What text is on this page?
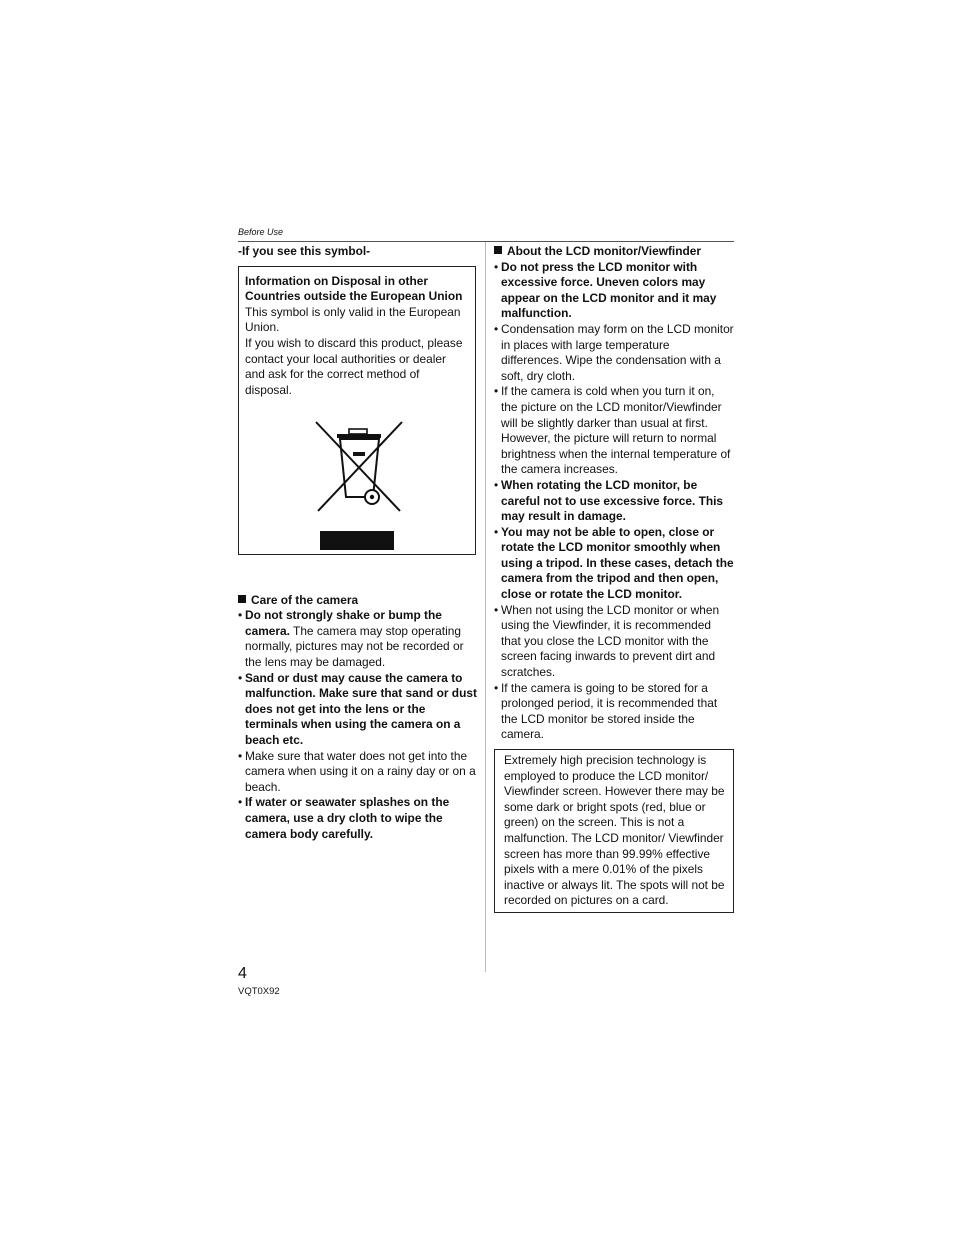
Before Use
-If you see this symbol-
Information on Disposal in other Countries outside the European Union
This symbol is only valid in the European Union.
If you wish to discard this product, please contact your local authorities or dealer and ask for the correct method of disposal.
Care of the camera
• Do not strongly shake or bump the camera. The camera may stop operating normally, pictures may not be recorded or the lens may be damaged.
• Sand or dust may cause the camera to malfunction. Make sure that sand or dust does not get into the lens or the terminals when using the camera on a beach etc.
• Make sure that water does not get into the camera when using it on a rainy day or on a beach.
• If water or seawater splashes on the camera, use a dry cloth to wipe the camera body carefully.
About the LCD monitor/Viewfinder
• Do not press the LCD monitor with excessive force. Uneven colors may appear on the LCD monitor and it may malfunction.
• Condensation may form on the LCD monitor in places with large temperature differences. Wipe the condensation with a soft, dry cloth.
• If the camera is cold when you turn it on, the picture on the LCD monitor/Viewfinder will be slightly darker than usual at first. However, the picture will return to normal brightness when the internal temperature of the camera increases.
• When rotating the LCD monitor, be careful not to use excessive force. This may result in damage.
• You may not be able to open, close or rotate the LCD monitor smoothly when using a tripod. In these cases, detach the camera from the tripod and then open, close or rotate the LCD monitor.
• When not using the LCD monitor or when using the Viewfinder, it is recommended that you close the LCD monitor with the screen facing inwards to prevent dirt and scratches.
• If the camera is going to be stored for a prolonged period, it is recommended that the LCD monitor be stored inside the camera.
Extremely high precision technology is employed to produce the LCD monitor/ Viewfinder screen. However there may be some dark or bright spots (red, blue or green) on the screen. This is not a malfunction. The LCD monitor/ Viewfinder screen has more than 99.99% effective pixels with a mere 0.01% of the pixels inactive or always lit. The spots will not be recorded on pictures on a card.
4
VQT0X92
